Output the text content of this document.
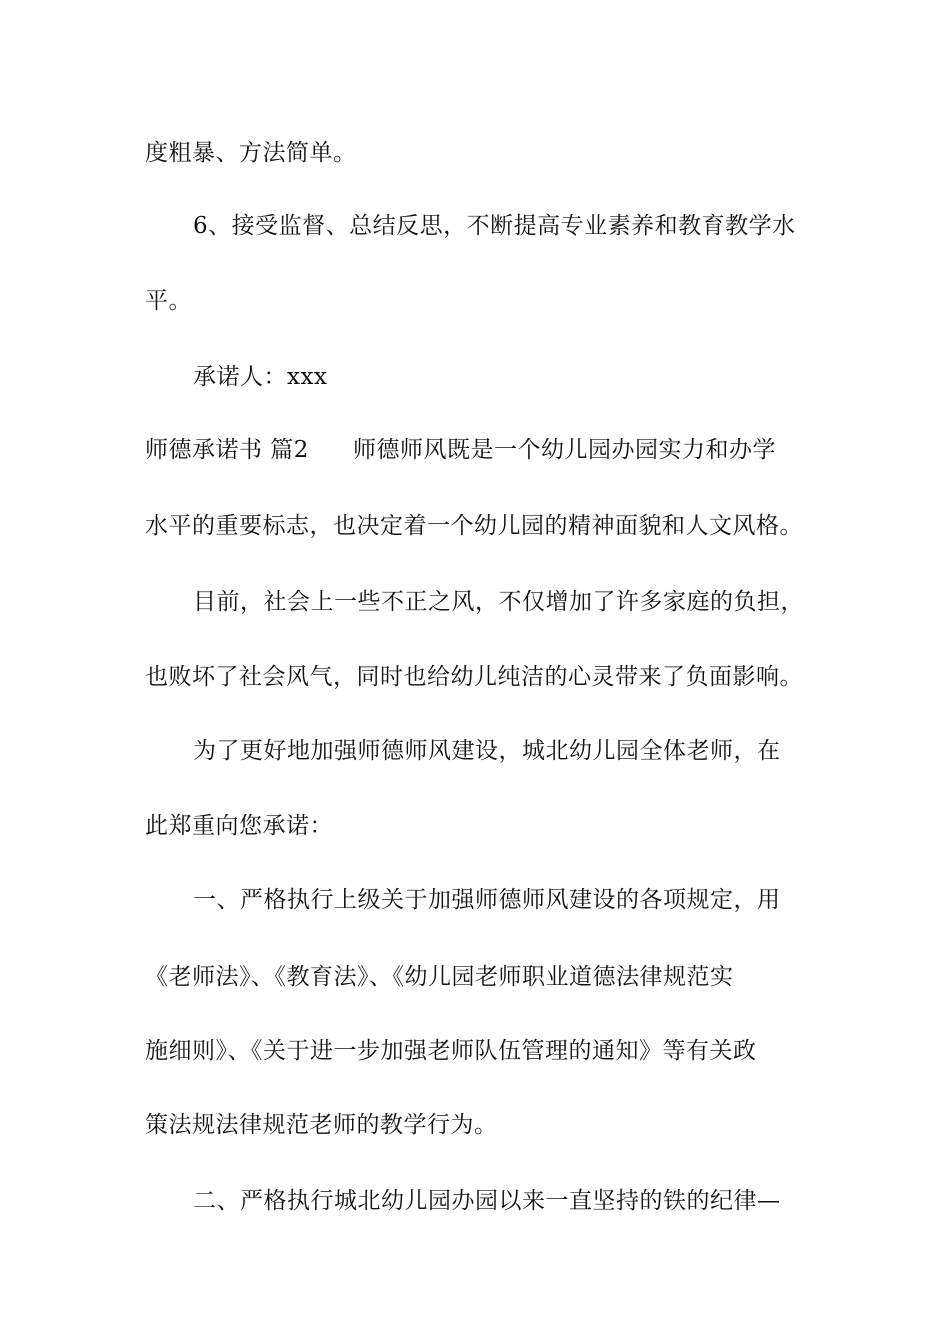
度粗暴、方法简单。
6、接受监督、总结反思，不断提高专业素养和教育教学水
平。
承诺人：xxx
师德承诺书 篇2 师德师风既是一个幼儿园办园实力和办学
水平的重要标志，也决定着一个幼儿园的精神面貌和人文风格。
目前，社会上一些不正之风，不仅增加了许多家庭的负担，
也败坏了社会风气，同时也给幼儿纯洁的心灵带来了负面影响。
为了更好地加强师德师风建设，城北幼儿园全体老师，在
此郑重向您承诺：
一、严格执行上级关于加强师德师风建设的各项规定，用
《老师法》、《教育法》、《幼儿园老师职业道德法律规范实
施细则》、《关于进一步加强老师队伍管理的通知》等有关政
策法规法律规范老师的教学行为。
二、严格执行城北幼儿园办园以来一直坚持的铁的纪律—
